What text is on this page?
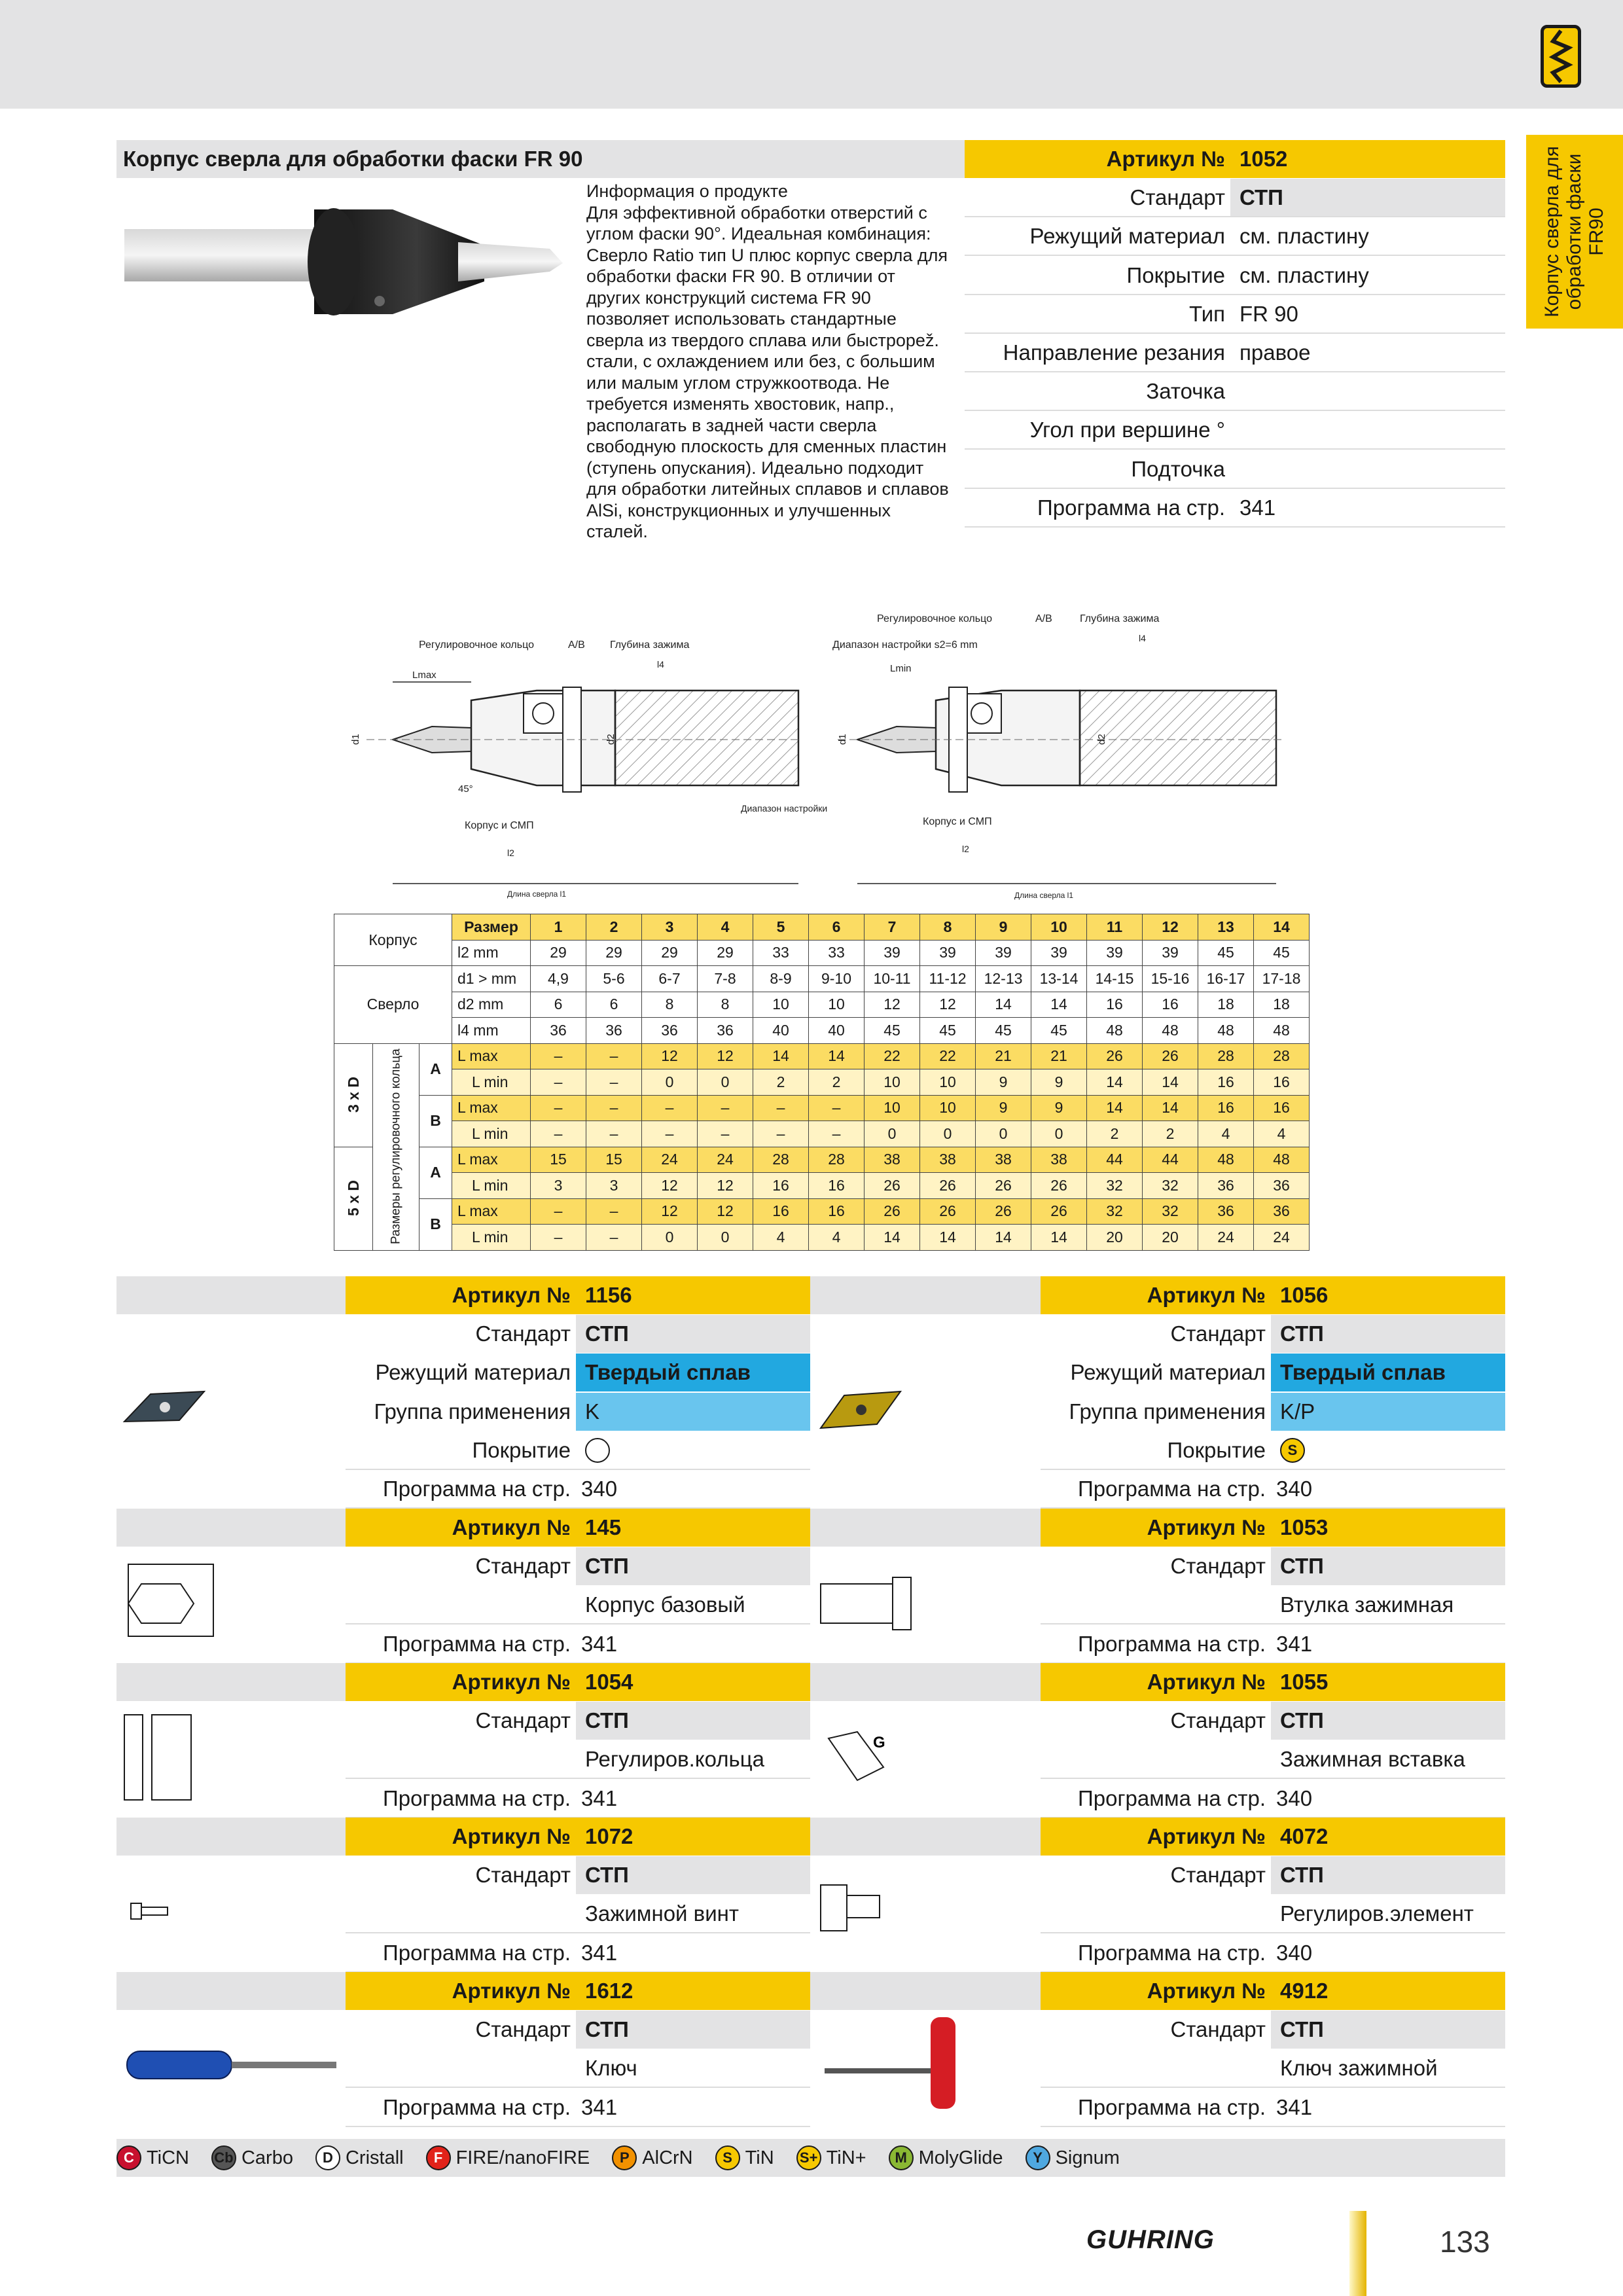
Корпус сверла для обработки фаски FR90
Корпус сверла для обработки фаски FR 90	Артикул № 1052
Стандарт СТП
Режущий материал см. пластину
Покрытие см. пластину
Тип FR 90
Направление резания правое
Заточка
Угол при вершине °
Подточка
Программа на стр. 341
Информация о продукте
Для эффективной обработки отверстий с углом фаски 90°. Идеальная комбинация: Сверло Ratio тип U плюс корпус сверла для обработки фаски FR 90. В отличии от других конструкций система FR 90 позволяет использовать стандартные сверла из твердого сплава или быстрорež. стали, с охлаждением или без, с большим или малым углом стружкоотвода. Не требуется изменять хвостовик, напр., располагать в задней части сверла свободную плоскость для сменных пластин (ступень опускания). Идеально подходит для обработки литейных сплавов и сплавов AlSi, конструкционных и улучшенных сталей.
Регулировочное кольцо	A/B Глубина зажима
l4
Lmax
d1	d2
45°
Корпус и СМП
l2
Диапазон настройки
Длина сверла l1
Регулировочное кольцо	A/B	Глубина зажима
l4
Диапазон настройки s2=6 mm
Lmin
d1	d2
Корпус и СМП
l2
Длина сверла l1
Корпус			Размер	1	2	3	4	5	6	7	8	9	10	11	12	13	14
			l2 mm	29	29	29	29	33	33	39	39	39	39	39	39	45	45
Сверло			d1 > mm	4,9	5-6	6-7	7-8	8-9	9-10	10-11	11-12	12-13	13-14	14-15	15-16	16-17	17-18
			d2 mm	6	6	8	8	10	10	12	12	14	14	16	16	18	18
			l4 mm	36	36	36	36	40	40	45	45	45	45	48	48	48	48
3 x D	Размеры регулировочного кольца	A	L max	–	–	12	12	14	14	22	22	21	21	26	26	28	28
			L min	–	–	0	0	2	2	10	10	9	9	14	14	16	16
		B	L max	–	–	–	–	–	–	10	10	9	9	14	14	16	16
			L min	–	–	–	–	–	–	0	0	0	0	2	2	4	4
5 x D		A	L max	15	15	24	24	28	28	38	38	38	38	44	44	48	48
			L min	3	3	12	12	16	16	26	26	26	26	32	32	36	36
		B	L max	–	–	12	12	16	16	26	26	26	26	32	32	36	36
			L min	–	–	0	0	4	4	14	14	14	14	20	20	24	24
Артикул № 1156
Стандарт СТП
Режущий материал Твердый сплав
Группа применения K
Покрытие
Программа на стр. 340
Артикул № 1056
Стандарт СТП
Режущий материал Твердый сплав
Группа применения K/P
Покрытие	S
Программа на стр. 340
Артикул № 145
Стандарт СТП
Корпус базовый
Программа на стр. 341
Артикул № 1053
Стандарт СТП
Втулка зажимная
Программа на стр. 341
Артикул № 1054
Стандарт СТП
Регулиров.кольца
Программа на стр. 341
Артикул № 1055
Стандарт СТП
Зажимная вставка
Программа на стр. 340
Артикул № 1072
Стандарт СТП
Зажимной винт
Программа на стр. 341
Артикул № 4072
Стандарт СТП
Регулиров.элемент
Программа на стр. 340
Артикул № 1612
Стандарт СТП
Ключ
Программа на стр. 341
Артикул № 4912
Стандарт СТП
Ключ зажимной
Программа на стр. 341
G
C TiCN Cb Carbo	D Cristall	F FIRE/nanoFIRE	P AlCrN	S TiN S+ TiN+	M MolyGlide	Y Signum
GUHRING	133
